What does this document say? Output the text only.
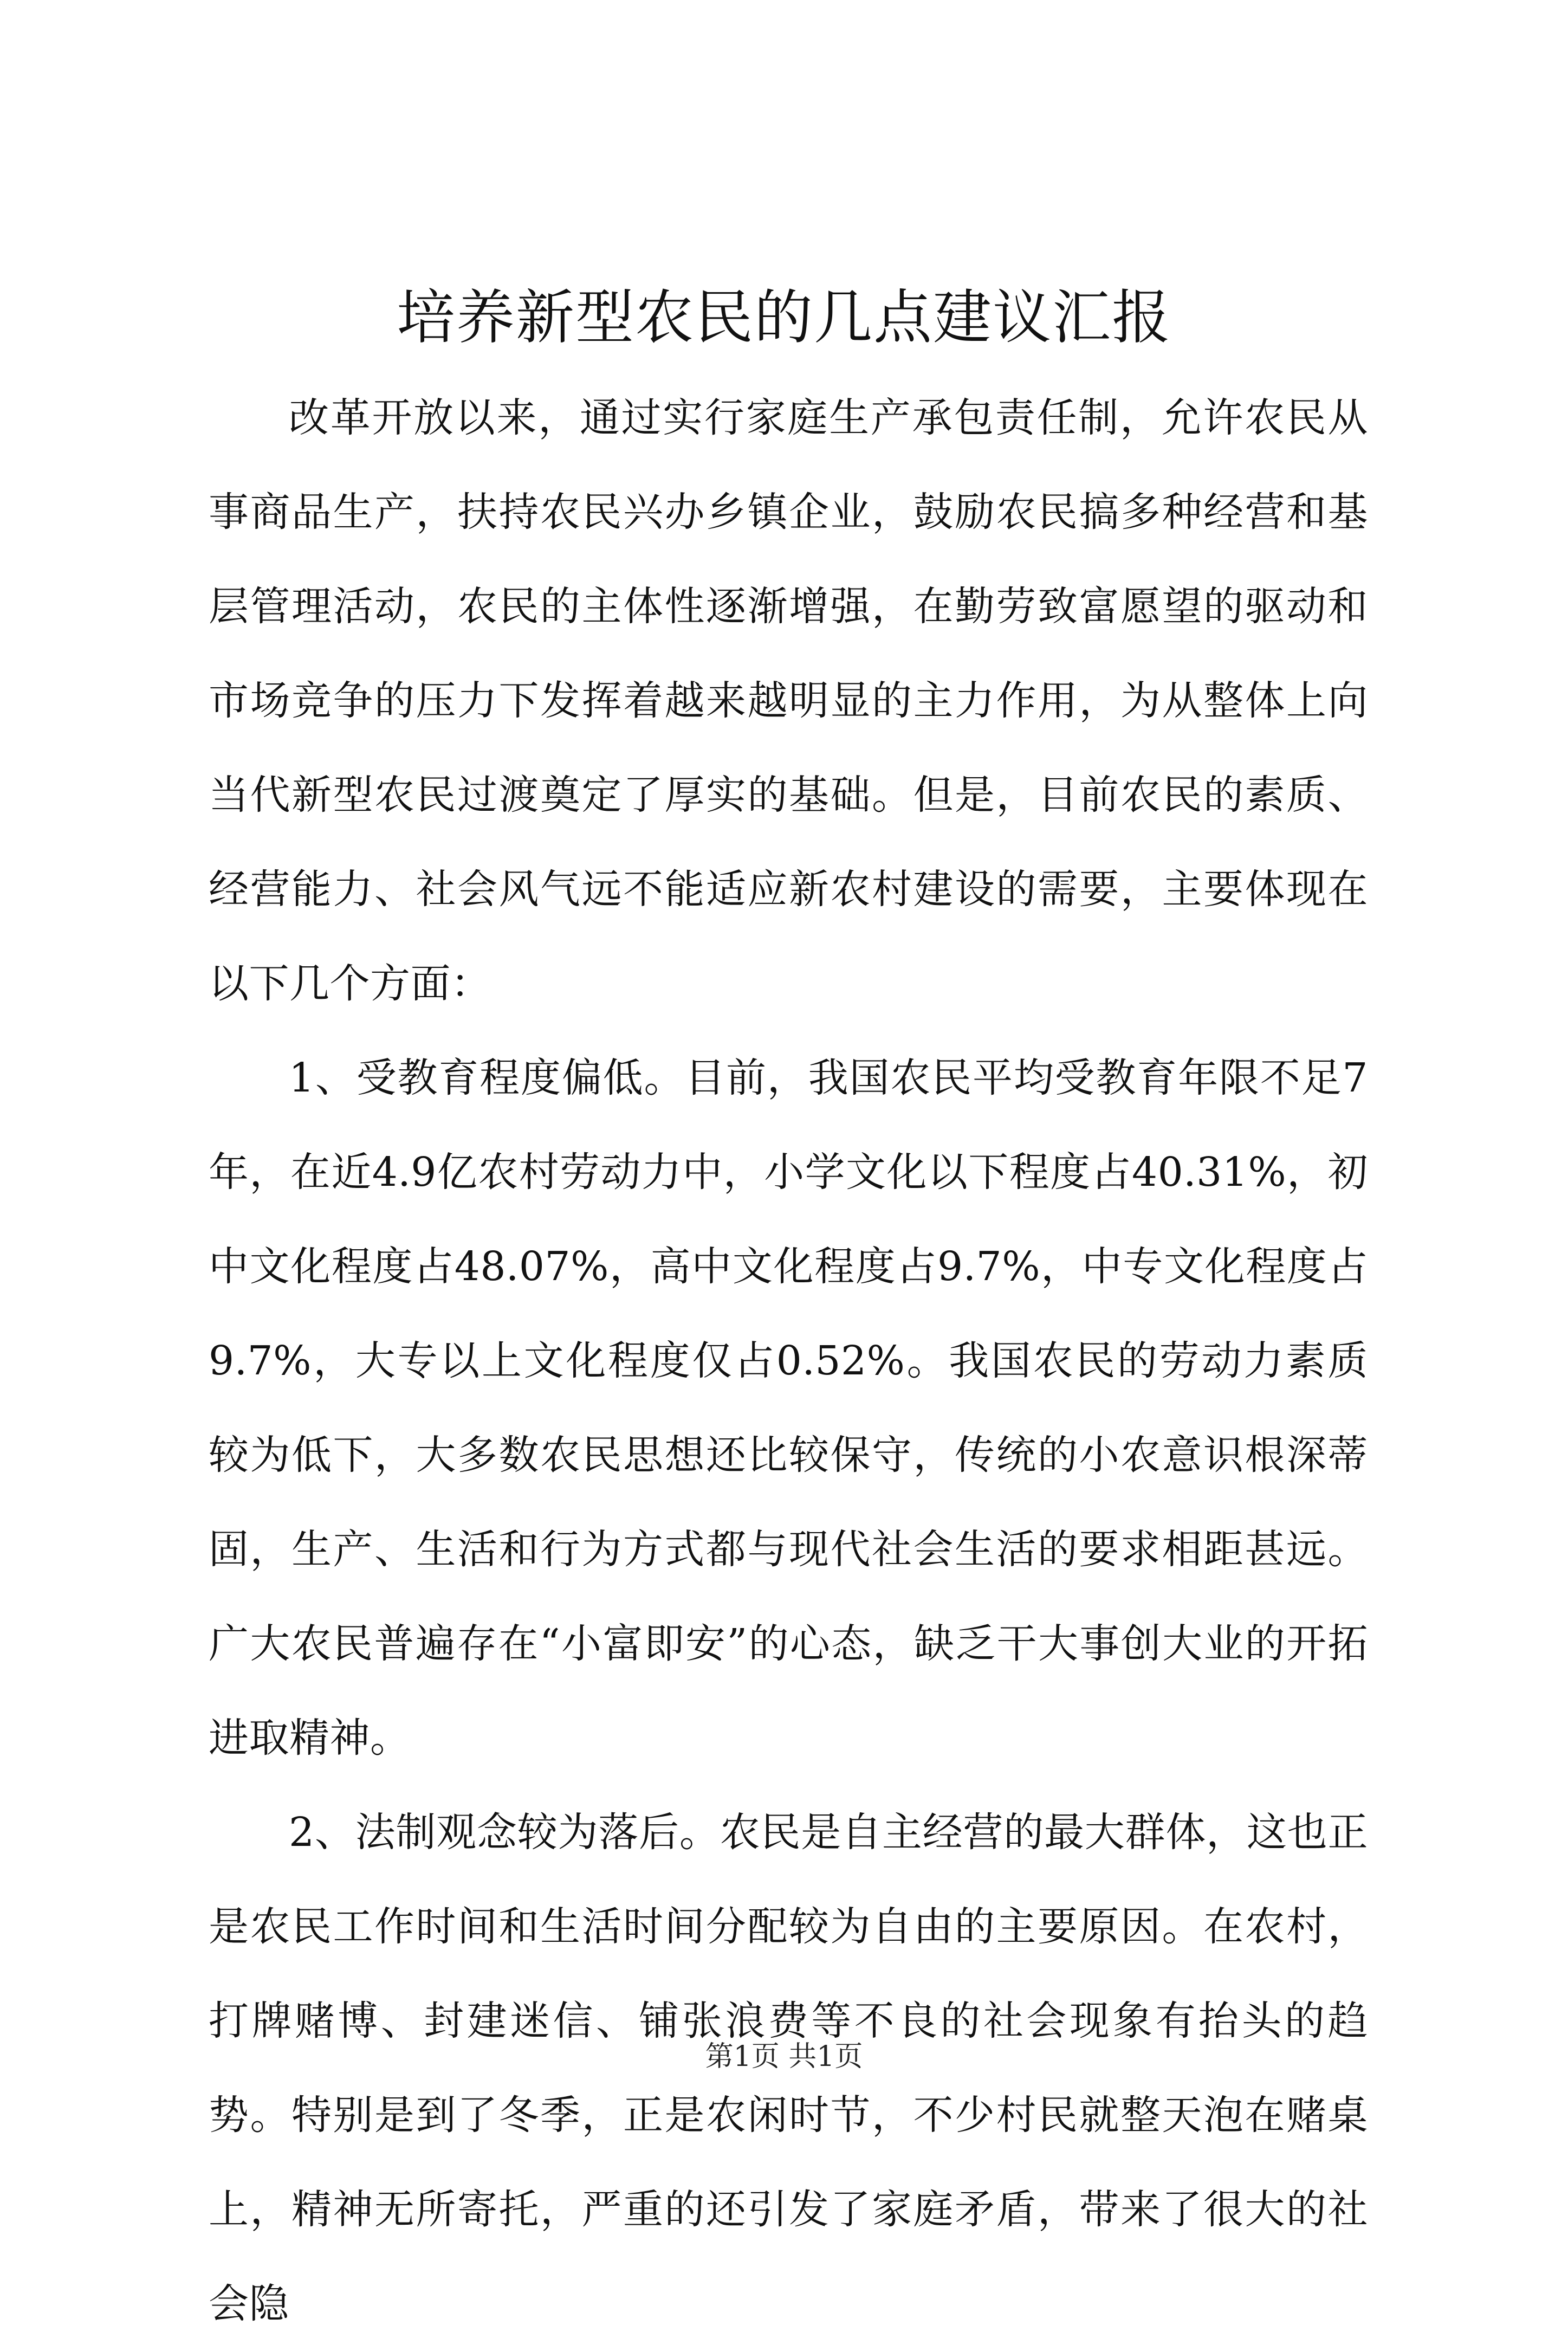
培养新型农民的几点建议汇报

改革开放以来，通过实行家庭生产承包责任制，允许农民从事商品生产，扶持农民兴办乡镇企业，鼓励农民搞多种经营和基层管理活动，农民的主体性逐渐增强，在勤劳致富愿望的驱动和市场竞争的压力下发挥着越来越明显的主力作用，为从整体上向当代新型农民过渡奠定了厚实的基础。但是，目前农民的素质、经营能力、社会风气远不能适应新农村建设的需要，主要体现在以下几个方面：

1、受教育程度偏低。目前，我国农民平均受教育年限不足7年，在近4.9亿农村劳动力中，小学文化以下程度占40.31%，初中文化程度占48.07%，高中文化程度占9.7%，中专文化程度占9.7%，大专以上文化程度仅占0.52%。我国农民的劳动力素质较为低下，大多数农民思想还比较保守，传统的小农意识根深蒂固，生产、生活和行为方式都与现代社会生活的要求相距甚远。广大农民普遍存在“小富即安”的心态，缺乏干大事创大业的开拓进取精神。

2、法制观念较为落后。农民是自主经营的最大群体，这也正是农民工作时间和生活时间分配较为自由的主要原因。在农村，打牌赌博、封建迷信、铺张浪费等不良的社会现象有抬头的趋势。特别是到了冬季，正是农闲时节，不少村民就整天泡在赌桌上，精神无所寄托，严重的还引发了家庭矛盾，带来了很大的社会隐

第1页 共1页
